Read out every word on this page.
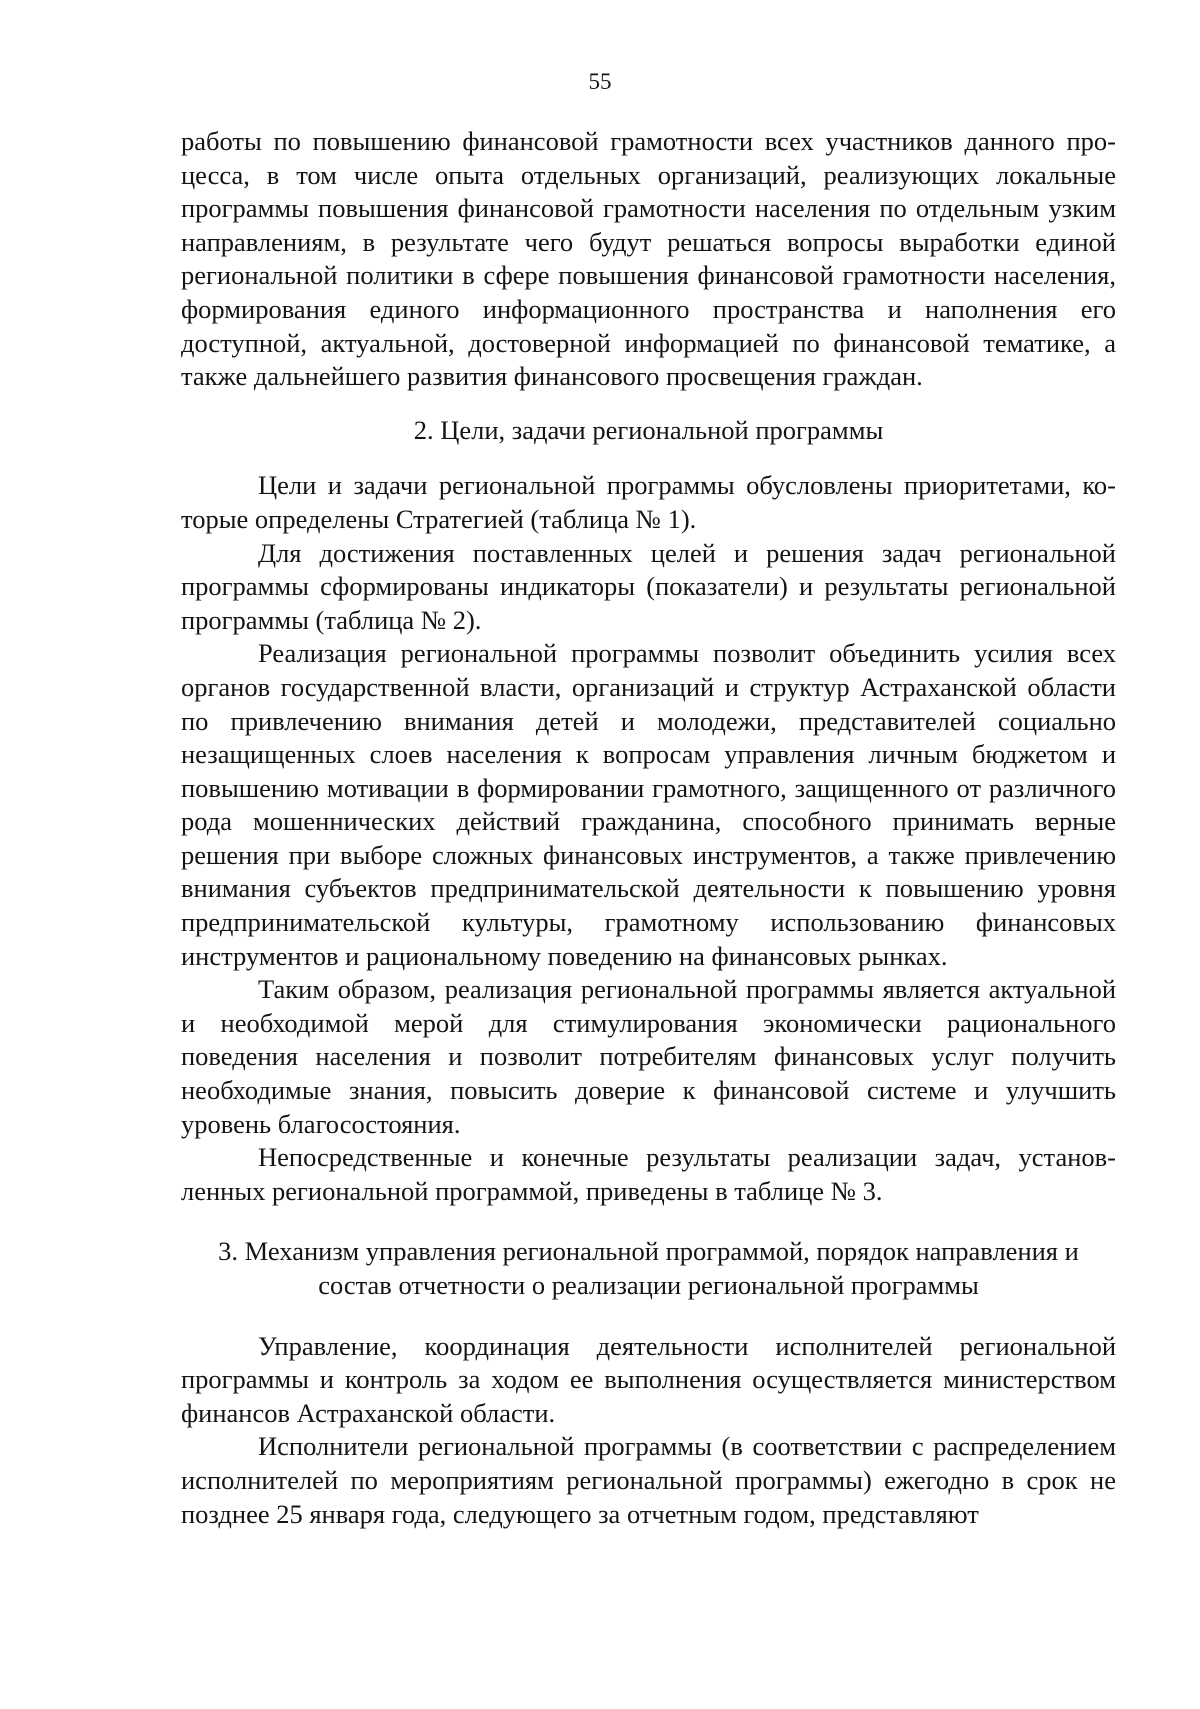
55

работы по повышению финансовой грамотности всех участников данного процесса, в том числе опыта отдельных организаций, реализующих локальные программы повышения финансовой грамотности населения по отдельным узким направлениям, в результате чего будут решаться вопросы выработки единой региональной политики в сфере повышения финансовой грамотности населения, формирования единого информационного пространства и наполнения его доступной, актуальной, достоверной информацией по финансовой тематике, а также дальнейшего развития финансового просвещения граждан.

2. Цели, задачи региональной программы

Цели и задачи региональной программы обусловлены приоритетами, которые определены Стратегией (таблица № 1).

Для достижения поставленных целей и решения задач региональной программы сформированы индикаторы (показатели) и результаты региональной программы (таблица № 2).

Реализация региональной программы позволит объединить усилия всех органов государственной власти, организаций и структур Астраханской области по привлечению внимания детей и молодежи, представителей социально незащищенных слоев населения к вопросам управления личным бюджетом и повышению мотивации в формировании грамотного, защищенного от различного рода мошеннических действий гражданина, способного принимать верные решения при выборе сложных финансовых инструментов, а также привлечению внимания субъектов предпринимательской деятельности к повышению уровня предпринимательской культуры, грамотному использованию финансовых инструментов и рациональному поведению на финансовых рынках.

Таким образом, реализация региональной программы является актуальной и необходимой мерой для стимулирования экономически рационального поведения населения и позволит потребителям финансовых услуг получить необходимые знания, повысить доверие к финансовой системе и улучшить уровень благосостояния.

Непосредственные и конечные результаты реализации задач, установленных региональной программой, приведены в таблице № 3.

3. Механизм управления региональной программой, порядок направления и
состав отчетности о реализации региональной программы

Управление, координация деятельности исполнителей региональной программы и контроль за ходом ее выполнения осуществляется министерством финансов Астраханской области.

Исполнители региональной программы (в соответствии с распределением исполнителей по мероприятиям региональной программы) ежегодно в срок не позднее 25 января года, следующего за отчетным годом, представляют
